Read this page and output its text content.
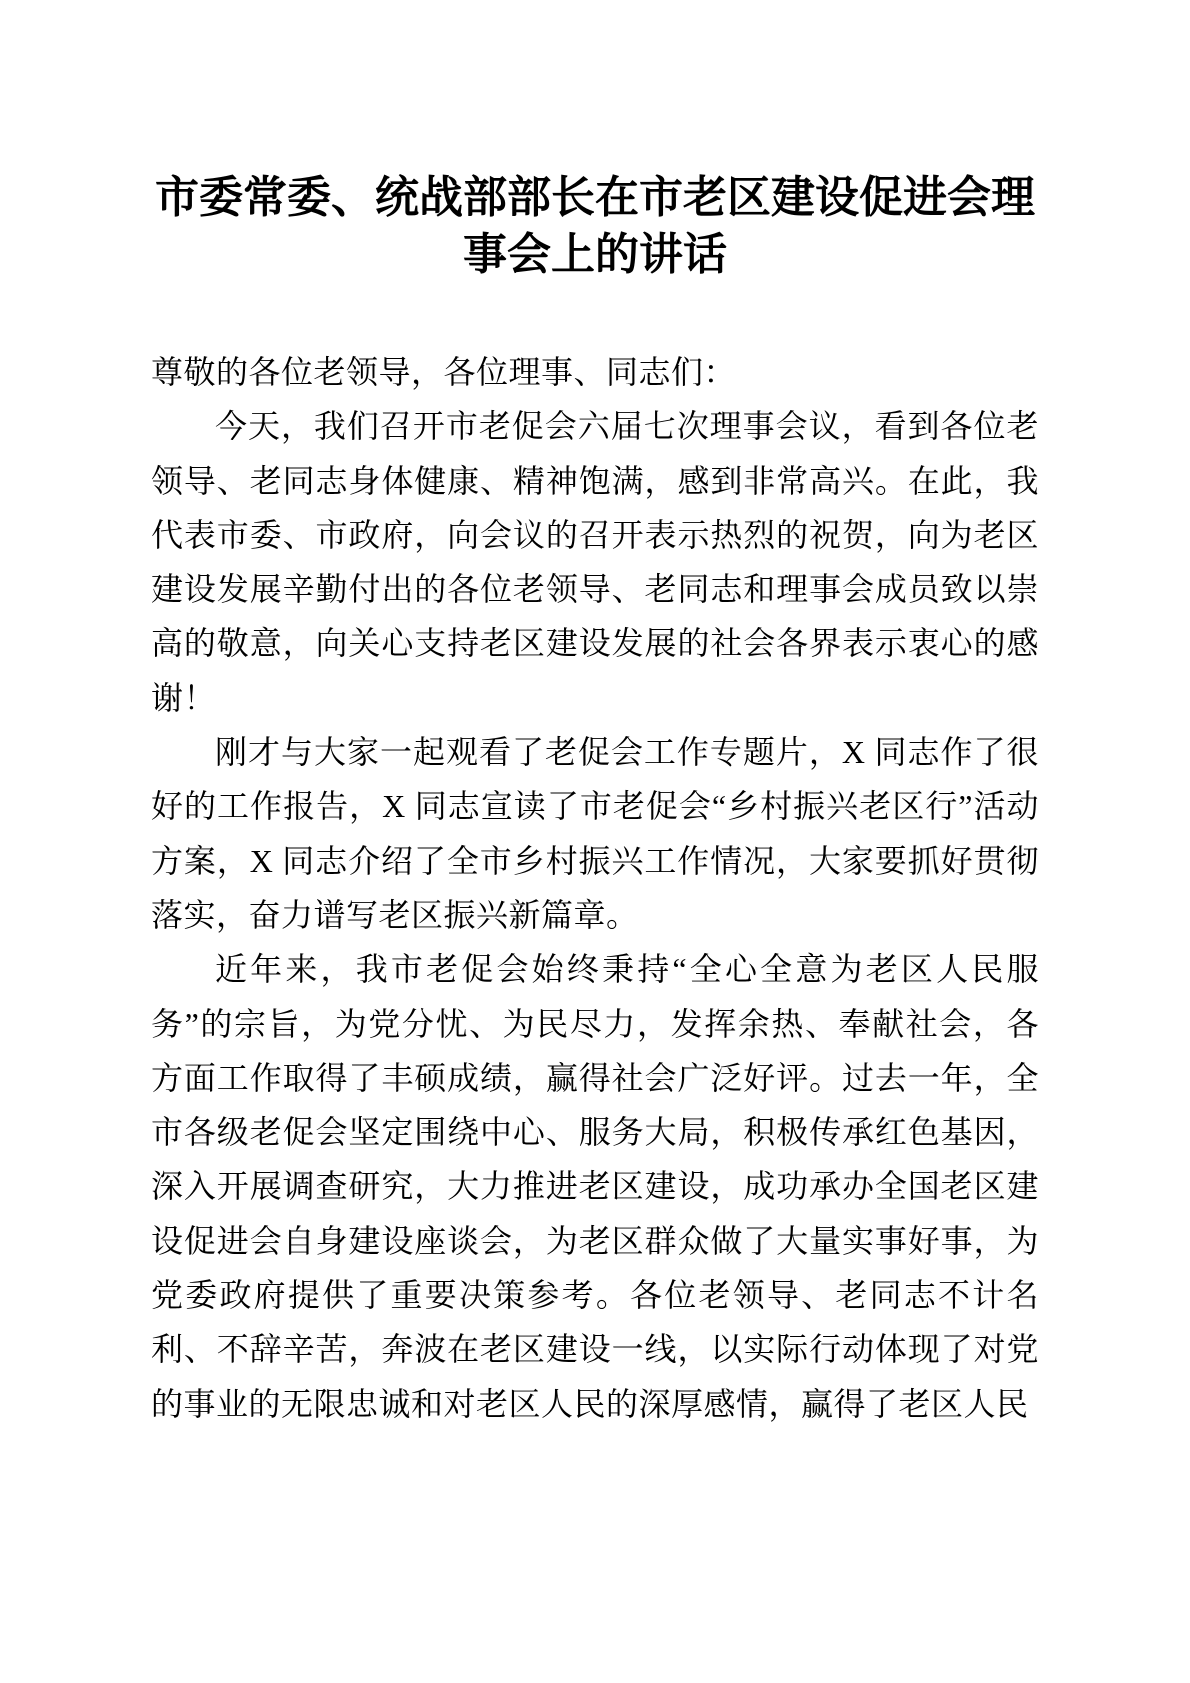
市委常委、统战部部长在市老区建设促进会理事会上的讲话

尊敬的各位老领导，各位理事、同志们：

今天，我们召开市老促会六届七次理事会议，看到各位老领导、老同志身体健康、精神饱满，感到非常高兴。在此，我代表市委、市政府，向会议的召开表示热烈的祝贺，向为老区建设发展辛勤付出的各位老领导、老同志和理事会成员致以崇高的敬意，向关心支持老区建设发展的社会各界表示衷心的感谢！

刚才与大家一起观看了老促会工作专题片，X 同志作了很好的工作报告，X 同志宣读了市老促会“乡村振兴老区行”活动方案，X 同志介绍了全市乡村振兴工作情况，大家要抓好贯彻落实，奋力谱写老区振兴新篇章。

近年来，我市老促会始终秉持“全心全意为老区人民服务”的宗旨，为党分忧、为民尽力，发挥余热、奉献社会，各方面工作取得了丰硕成绩，赢得社会广泛好评。过去一年，全市各级老促会坚定围绕中心、服务大局，积极传承红色基因，深入开展调查研究，大力推进老区建设，成功承办全国老区建设促进会自身建设座谈会，为老区群众做了大量实事好事，为党委政府提供了重要决策参考。各位老领导、老同志不计名利、不辞辛苦，奔波在老区建设一线，以实际行动体现了对党的事业的无限忠诚和对老区人民的深厚感情，赢得了老区人民
